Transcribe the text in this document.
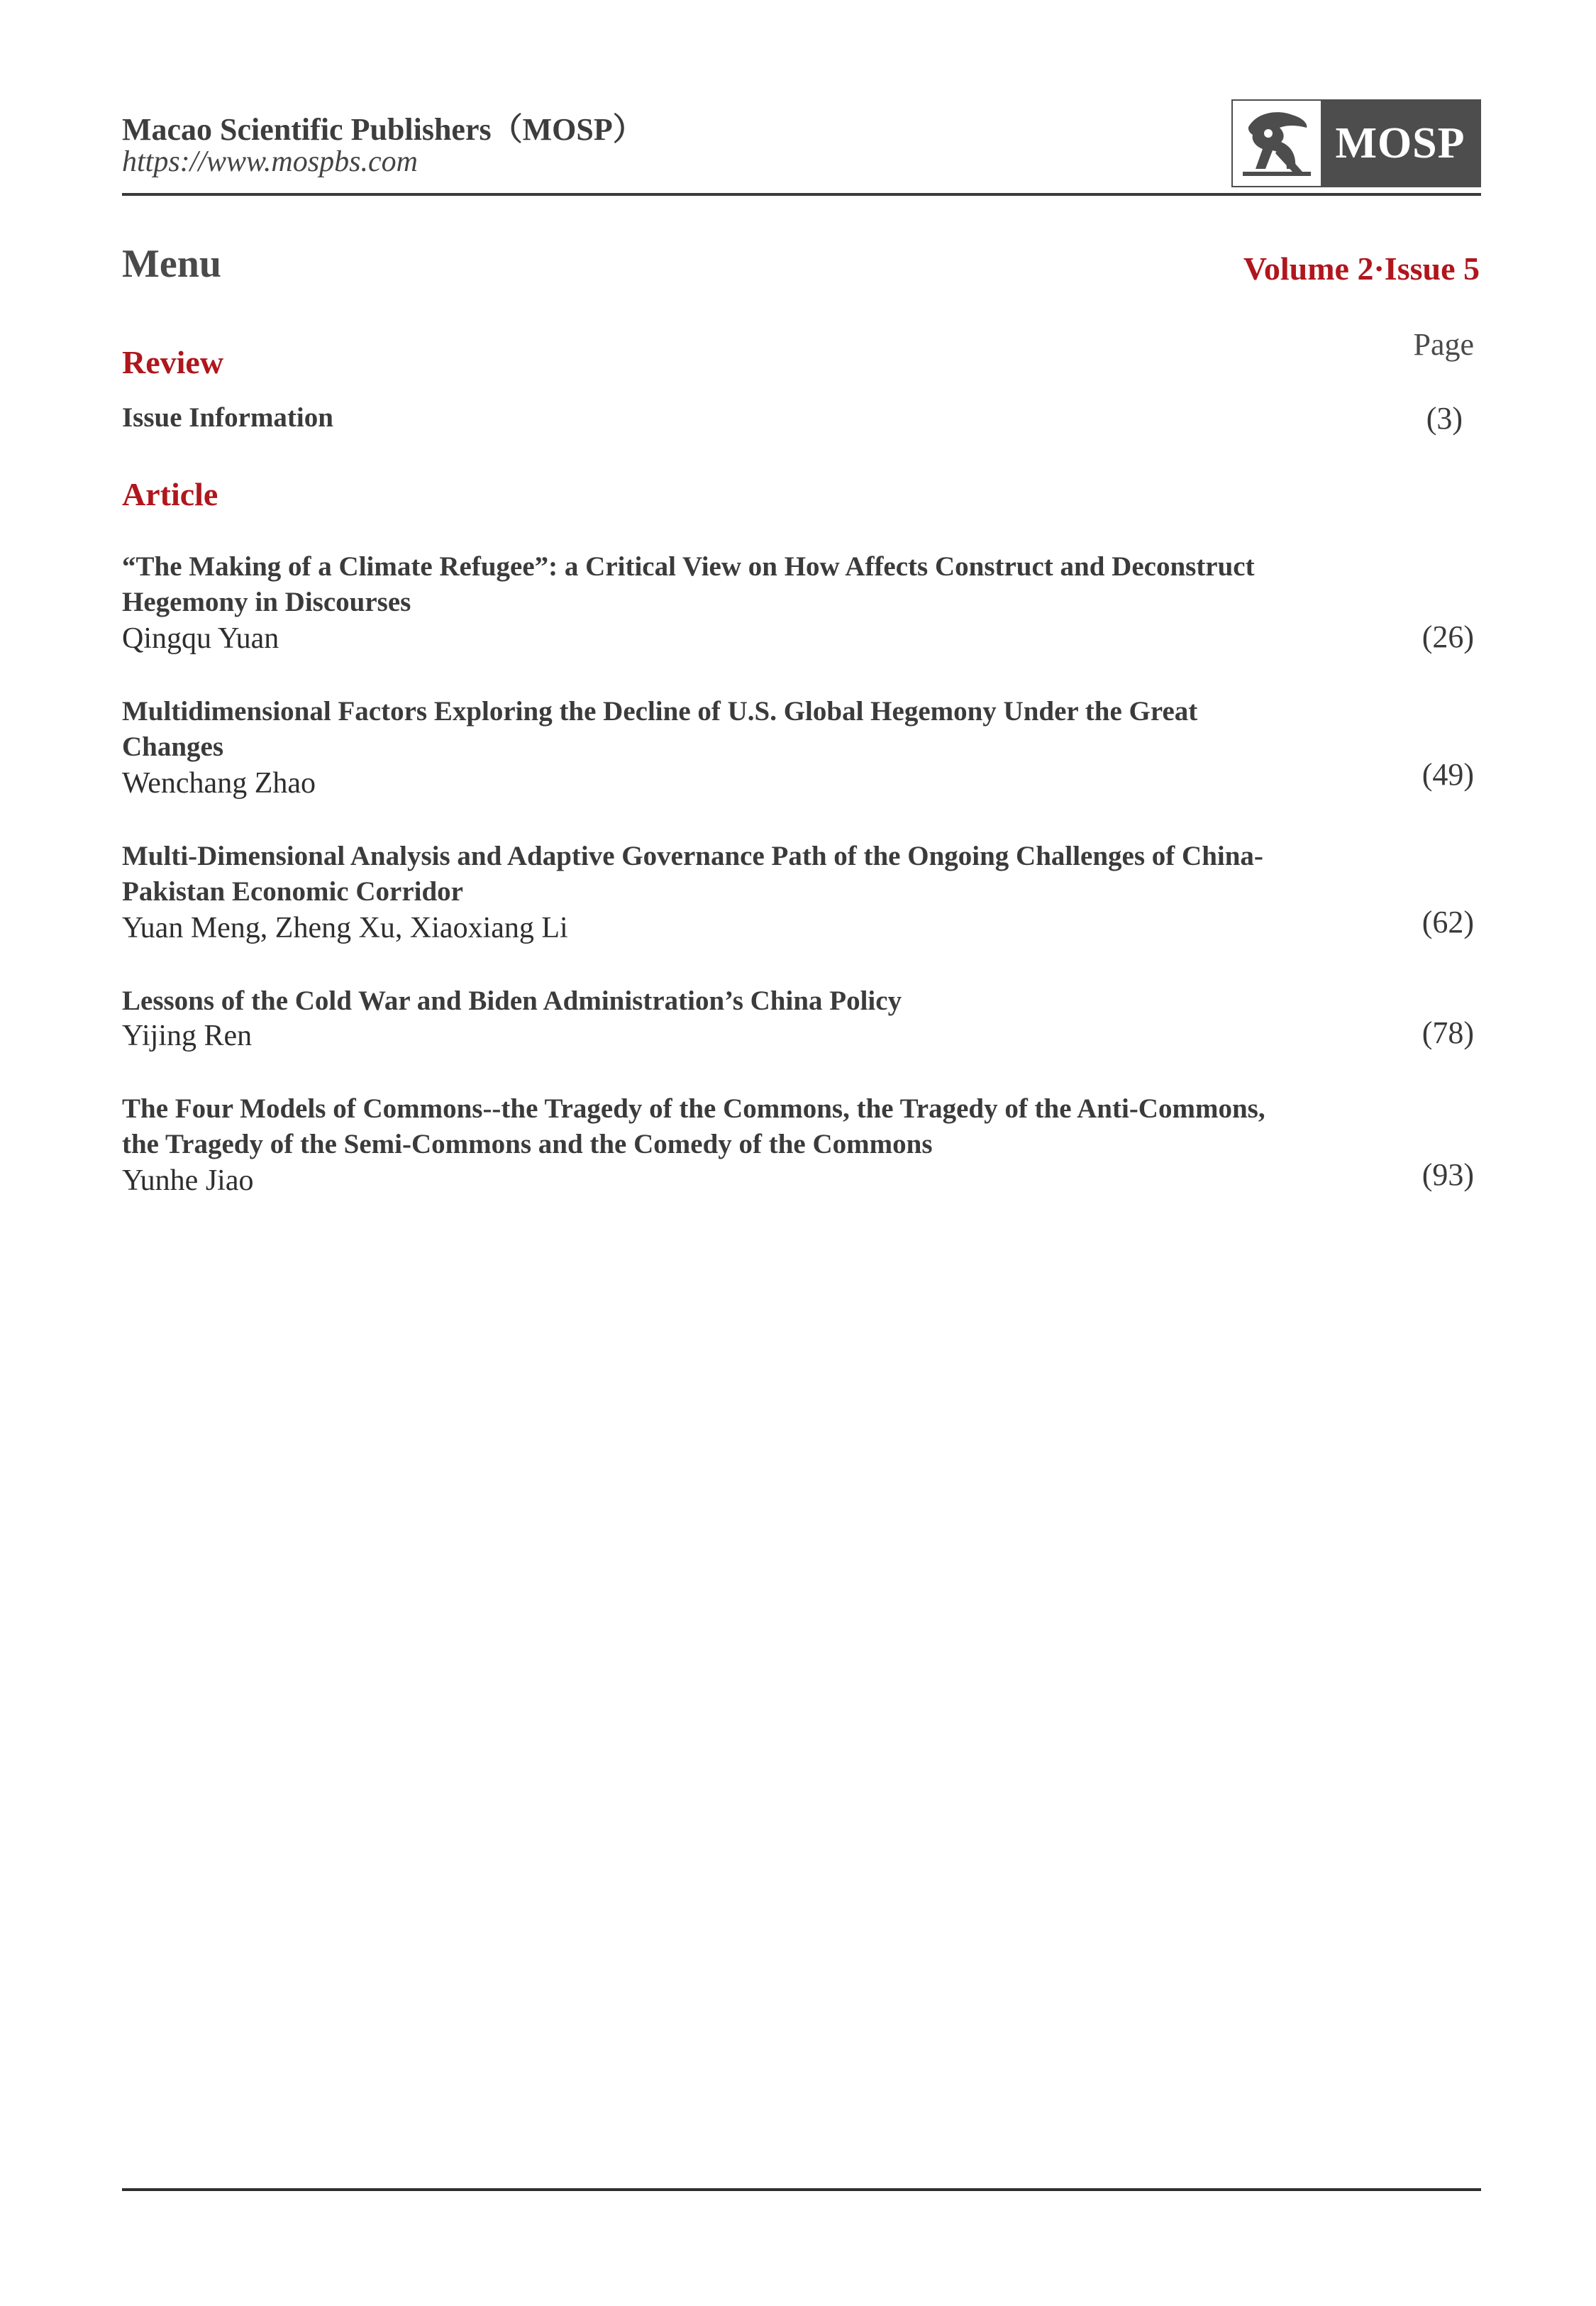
Macao Scientific Publishers（MOSP）
https://www.mospbs.com	MOSP
Menu	Volume 2·Issue 5
Page
Review
Issue Information	(3)
Article
“The Making of a Climate Refugee”: a Critical View on How Affects Construct and Deconstruct
Hegemony in Discourses
Qingqu Yuan	(26)
Multidimensional Factors Exploring the Decline of U.S. Global Hegemony Under the Great
Changes
Wenchang Zhao	(49)
Multi-Dimensional Analysis and Adaptive Governance Path of the Ongoing Challenges of China-
Pakistan Economic Corridor
Yuan Meng, Zheng Xu, Xiaoxiang Li	(62)
Lessons of the Cold War and Biden Administration’s China Policy
Yijing Ren	(78)
The Four Models of Commons--the Tragedy of the Commons, the Tragedy of the Anti-Commons,
the Tragedy of the Semi-Commons and the Comedy of the Commons
Yunhe Jiao	(93)
